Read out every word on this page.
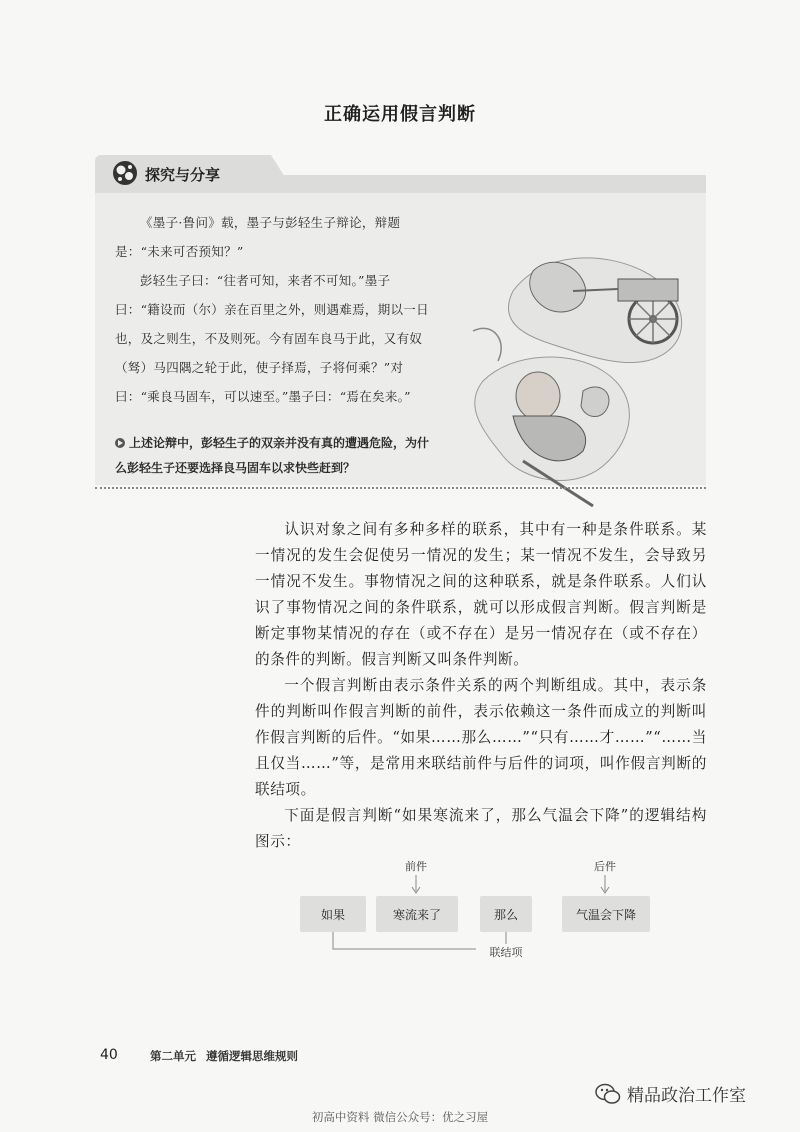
正确运用假言判断
探究与分享

《墨子·鲁问》载，墨子与彭轻生子辩论，辩题是：“未来可否预知？”

彭轻生子曰：“往者可知，来者不可知。”墨子曰：“籍设而（尔）亲在百里之外，则遇难焉，期以一日也，及之则生，不及则死。今有固车良马于此，又有奴（驽）马四隅之轮于此，使子择焉，子将何乘？”对曰：“乘良马固车，可以速至。”墨子曰：“焉在矣来。”

上述论辩中，彭轻生子的双亲并没有真的遭遇危险，为什么彭轻生子还要选择良马固车以求快些赶到？

认识对象之间有多种多样的联系，其中有一种是条件联系。某一情况的发生会促使另一情况的发生；某一情况不发生，会导致另一情况不发生。事物情况之间的这种联系，就是条件联系。人们认识了事物情况之间的条件联系，就可以形成假言判断。假言判断是断定事物某情况的存在（或不存在）是另一情况存在（或不存在）的条件的判断。假言判断又叫条件判断。

一个假言判断由表示条件关系的两个判断组成。其中，表示条件的判断叫作假言判断的前件，表示依赖这一条件而成立的判断叫作假言判断的后件。“如果……那么……”“只有……才……”“……当且仅当……”等，是常用来联结前件与后件的词项，叫作假言判断的联结项。

下面是假言判断“如果寒流来了，那么气温会下降”的逻辑结构图示：

前件	后件
如果	寒流来了	那么	气温会下降
联结项
40	第二单元 遵循逻辑思维规则
精品政治工作室
初高中资料 微信公众号：优之习屋
